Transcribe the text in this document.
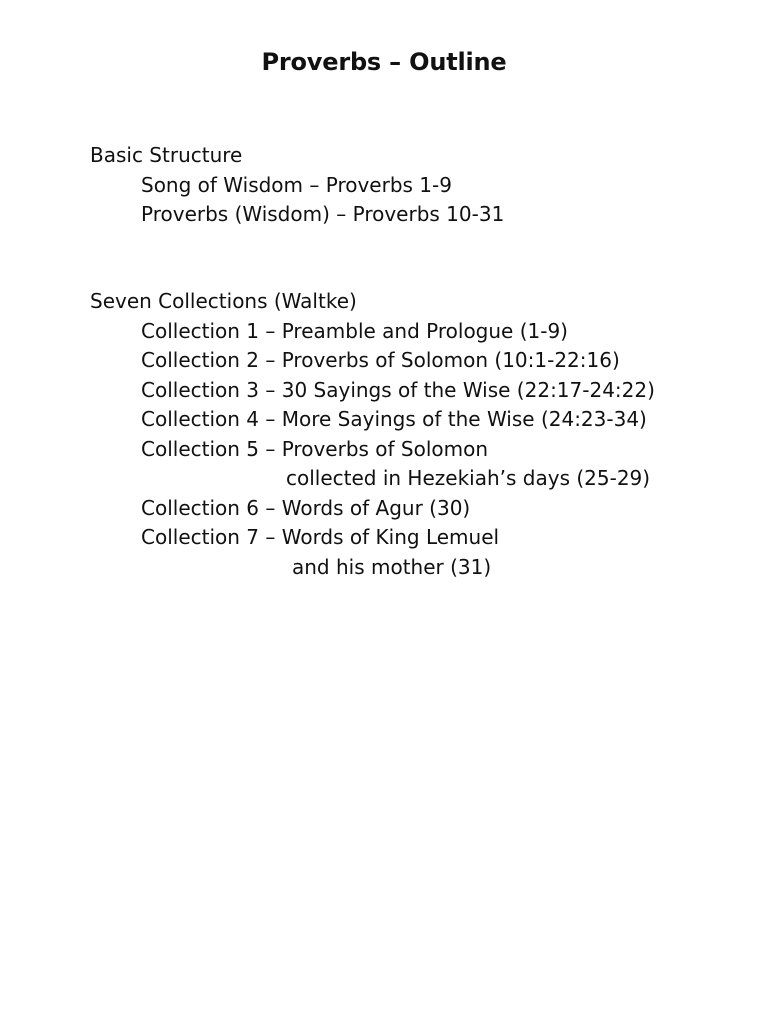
Proverbs – Outline
Basic Structure
Song of Wisdom – Proverbs 1-9
Proverbs (Wisdom) – Proverbs 10-31
Seven Collections (Waltke)
Collection 1 – Preamble and Prologue (1-9)
Collection 2 – Proverbs of Solomon (10:1-22:16)
Collection 3 – 30 Sayings of the Wise (22:17-24:22)
Collection 4 – More Sayings of the Wise (24:23-34)
Collection 5 – Proverbs of Solomon
collected in Hezekiah’s days (25-29)
Collection 6 – Words of Agur (30)
Collection 7 – Words of King Lemuel
and his mother (31)
